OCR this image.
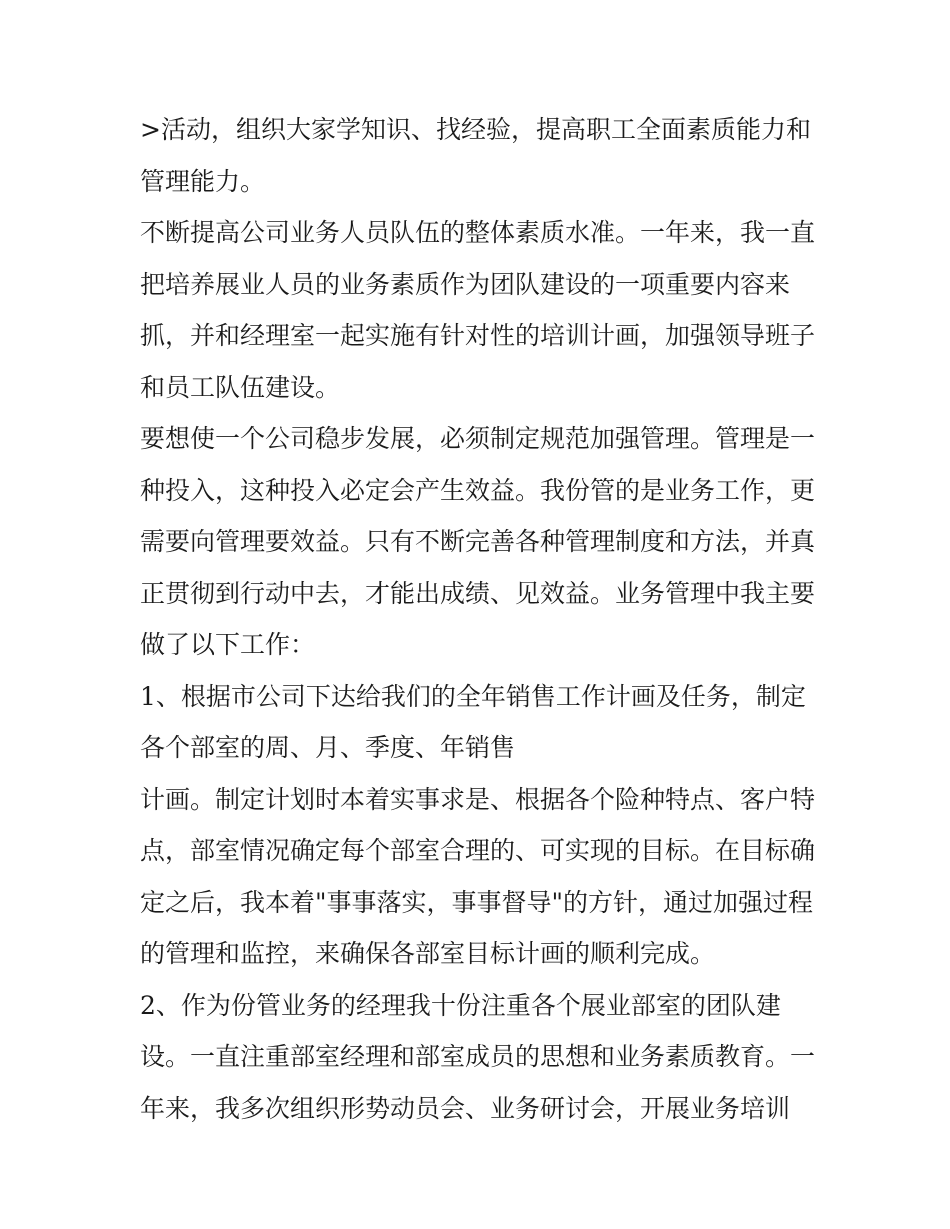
>活动，组织大家学知识、找经验，提高职工全面素质能力和
管理能力。
不断提高公司业务人员队伍的整体素质水准。一年来，我一直
把培养展业人员的业务素质作为团队建设的一项重要内容来
抓，并和经理室一起实施有针对性的培训计画，加强领导班子
和员工队伍建设。
要想使一个公司稳步发展，必须制定规范加强管理。管理是一
种投入，这种投入必定会产生效益。我份管的是业务工作，更
需要向管理要效益。只有不断完善各种管理制度和方法，并真
正贯彻到行动中去，才能出成绩、见效益。业务管理中我主要
做了以下工作：
1、根据市公司下达给我们的全年销售工作计画及任务，制定
各个部室的周、月、季度、年销售
计画。制定计划时本着实事求是、根据各个险种特点、客户特
点，部室情况确定每个部室合理的、可实现的目标。在目标确
定之后，我本着"事事落实，事事督导"的方针，通过加强过程
的管理和监控，来确保各部室目标计画的顺利完成。
2、作为份管业务的经理我十份注重各个展业部室的团队建
设。一直注重部室经理和部室成员的思想和业务素质教育。一
年来，我多次组织形势动员会、业务研讨会，开展业务培训
